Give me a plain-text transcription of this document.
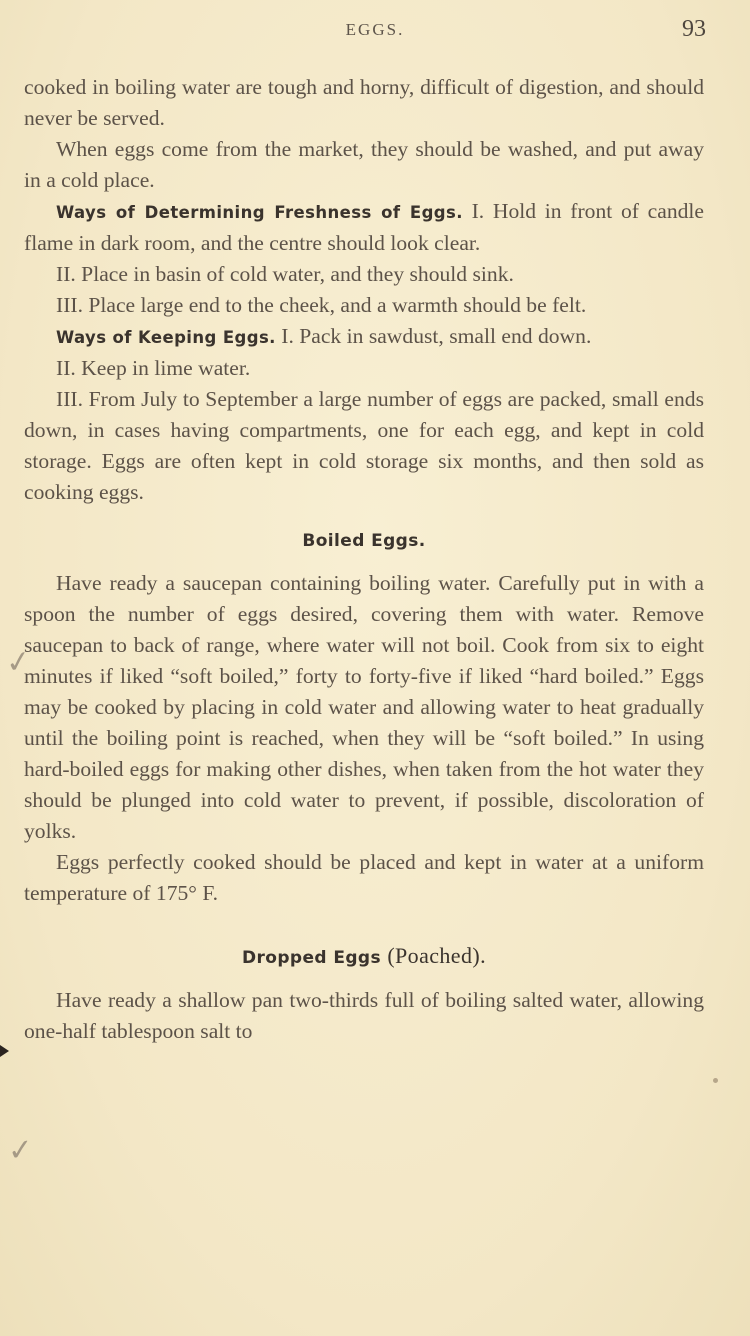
EGGS.	93
✓
✓

cooked in boiling water are tough and horny, difficult of digestion, and should never be served.

When eggs come from the market, they should be washed, and put away in a cold place.

Ways of Determining Freshness of Eggs. I. Hold in front of candle flame in dark room, and the centre should look clear.

II. Place in basin of cold water, and they should sink.

III. Place large end to the cheek, and a warmth should be felt.

Ways of Keeping Eggs. I. Pack in sawdust, small end down.

II. Keep in lime water.

III. From July to September a large number of eggs are packed, small ends down, in cases having compartments, one for each egg, and kept in cold storage. Eggs are often kept in cold storage six months, and then sold as cooking eggs.

Boiled Eggs.

Have ready a saucepan containing boiling water. Carefully put in with a spoon the number of eggs desired, covering them with water. Remove saucepan to back of range, where water will not boil. Cook from six to eight minutes if liked “soft boiled,” forty to forty-five if liked “hard boiled.” Eggs may be cooked by placing in cold water and allowing water to heat gradually until the boiling point is reached, when they will be “soft boiled.” In using hard-boiled eggs for making other dishes, when taken from the hot water they should be plunged into cold water to prevent, if possible, discoloration of yolks.

Eggs perfectly cooked should be placed and kept in water at a uniform temperature of 175° F.

Dropped Eggs (Poached).

Have ready a shallow pan two-thirds full of boiling salted water, allowing one-half tablespoon salt to
